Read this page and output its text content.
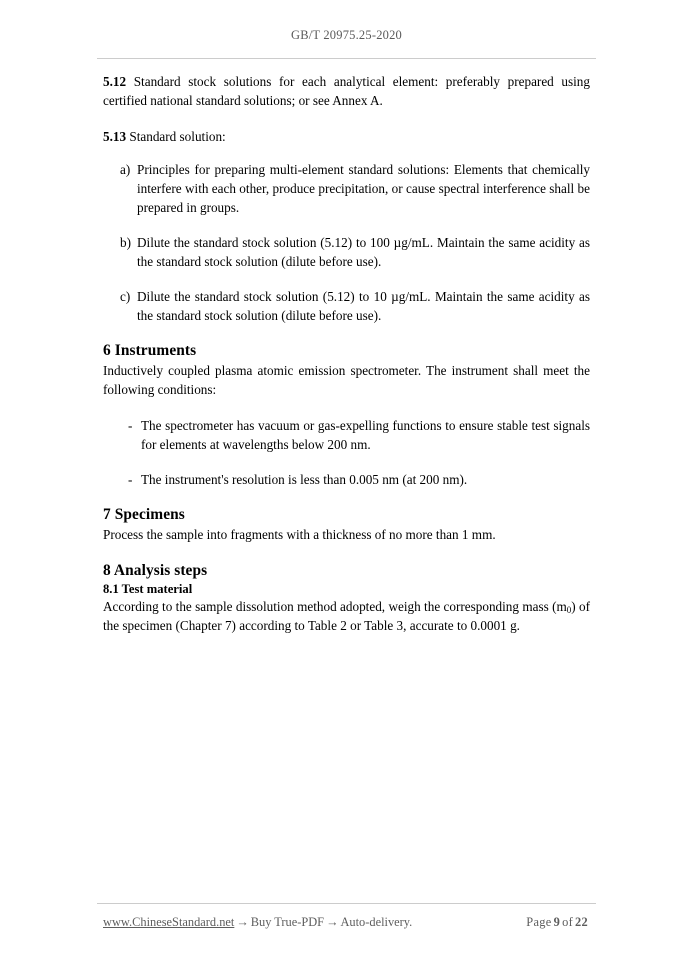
GB/T 20975.25-2020

5.12 Standard stock solutions for each analytical element: preferably prepared using certified national standard solutions; or see Annex A.

5.13 Standard solution:

a) Principles for preparing multi-element standard solutions: Elements that chemically interfere with each other, produce precipitation, or cause spectral interference shall be prepared in groups.
b) Dilute the standard stock solution (5.12) to 100 µg/mL. Maintain the same acidity as the standard stock solution (dilute before use).
c) Dilute the standard stock solution (5.12) to 10 µg/mL. Maintain the same acidity as the standard stock solution (dilute before use).
6 Instruments

Inductively coupled plasma atomic emission spectrometer. The instrument shall meet the following conditions:

- The spectrometer has vacuum or gas-expelling functions to ensure stable test signals for elements at wavelengths below 200 nm.
- The instrument's resolution is less than 0.005 nm (at 200 nm).
7 Specimens

Process the sample into fragments with a thickness of no more than 1 mm.

8 Analysis steps
8.1 Test material

According to the sample dissolution method adopted, weigh the corresponding mass $(m_0)$ of the specimen (Chapter 7) according to Table 2 or Table 3, accurate to 0.0001 g.

www.ChineseStandard.net → Buy True-PDF → Auto-delivery.	Page 9 of 22
